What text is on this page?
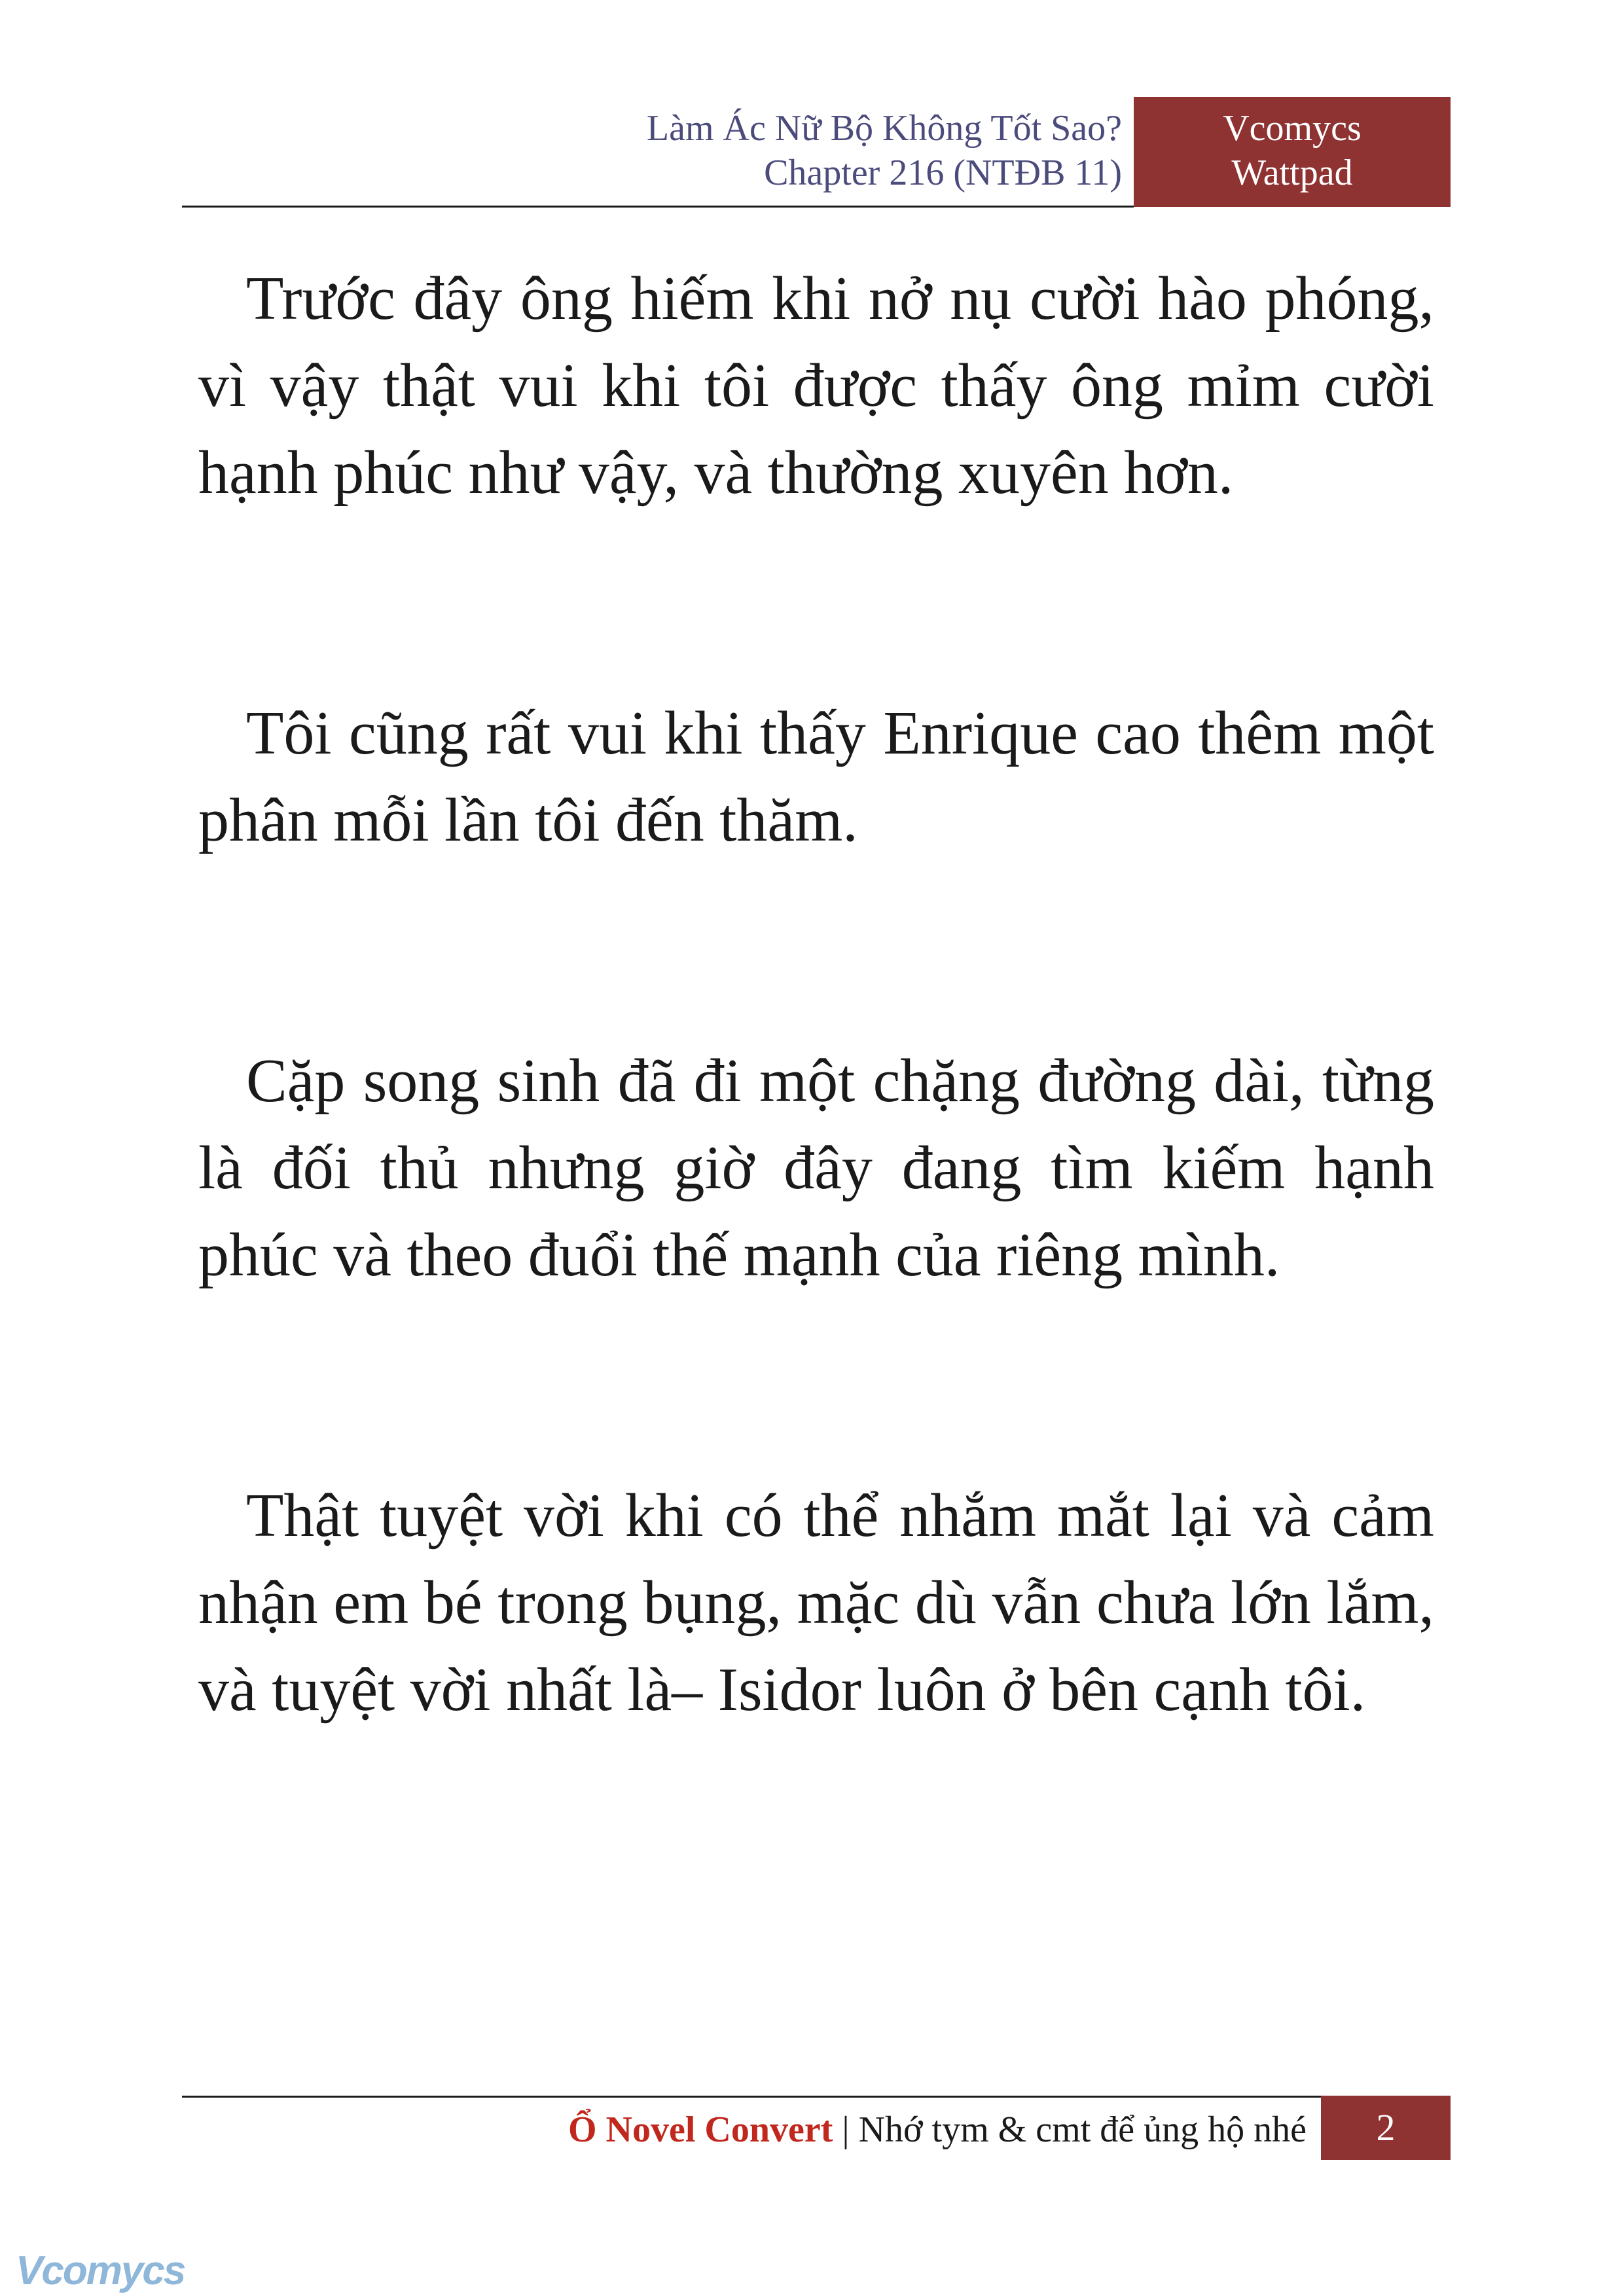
Làm Ác Nữ Bộ Không Tốt Sao?
Chapter 216 (NTĐB 11)
Vcomycs
Wattpad

Trước đây ông hiếm khi nở nụ cười hào phóng, vì vậy thật vui khi tôi được thấy ông mỉm cười hạnh phúc như vậy, và thường xuyên hơn.

Tôi cũng rất vui khi thấy Enrique cao thêm một phân mỗi lần tôi đến thăm.

Cặp song sinh đã đi một chặng đường dài, từng là đối thủ nhưng giờ đây đang tìm kiếm hạnh phúc và theo đuổi thế mạnh của riêng mình.

Thật tuyệt vời khi có thể nhắm mắt lại và cảm nhận em bé trong bụng, mặc dù vẫn chưa lớn lắm, và tuyệt vời nhất là– Isidor luôn ở bên cạnh tôi.

Ổ Novel Convert | Nhớ tym & cmt để ủng hộ nhé	2
Vcomycs
